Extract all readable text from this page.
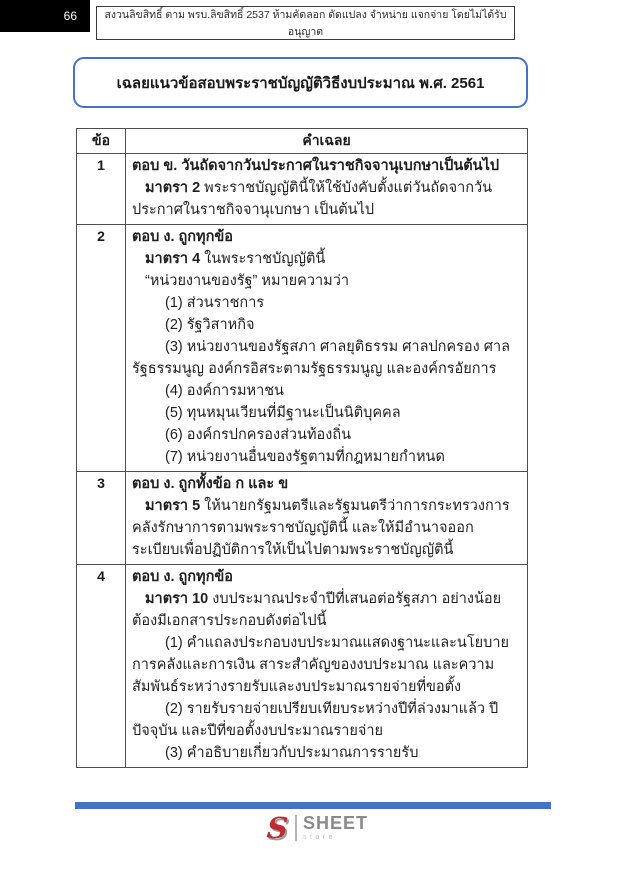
66	สงวนลิขสิทธิ์ ตาม พรบ.ลิขสิทธิ์ 2537 ห้ามคัดลอก ดัดแปลง จำหน่าย แจกจ่าย โดยไม่ได้รับอนุญาต
เฉลยแนวข้อสอบพระราชบัญญัติวิธีงบประมาณ พ.ศ. 2561
ข้อ	คำเฉลย
1	ตอบ ข. วันถัดจากวันประกาศในราชกิจจานุเบกษาเป็นต้นไป

มาตรา 2 พระราชบัญญัตินี้ให้ใช้บังคับตั้งแต่วันถัดจากวันประกาศในราชกิจจานุเบกษา เป็นต้นไป

2	ตอบ ง. ถูกทุกข้อ

มาตรา 4 ในพระราชบัญญัตินี้

“หน่วยงานของรัฐ” หมายความว่า

(1) ส่วนราชการ

(2) รัฐวิสาหกิจ

(3) หน่วยงานของรัฐสภา ศาลยุติธรรม ศาลปกครอง ศาลรัฐธรรมนูญ องค์กรอิสระตามรัฐธรรมนูญ และองค์กรอัยการ

(4) องค์การมหาชน

(5) ทุนหมุนเวียนที่มีฐานะเป็นนิติบุคคล

(6) องค์กรปกครองส่วนท้องถิ่น

(7) หน่วยงานอื่นของรัฐตามที่กฎหมายกำหนด

3	ตอบ ง. ถูกทั้งข้อ ก และ ข

มาตรา 5 ให้นายกรัฐมนตรีและรัฐมนตรีว่าการกระทรวงการคลังรักษาการตามพระราชบัญญัตินี้ และให้มีอำนาจออกระเบียบเพื่อปฏิบัติการให้เป็นไปตามพระราชบัญญัตินี้

4	ตอบ ง. ถูกทุกข้อ

มาตรา 10 งบประมาณประจำปีที่เสนอต่อรัฐสภา อย่างน้อยต้องมีเอกสารประกอบดังต่อไปนี้

(1) คำแถลงประกอบงบประมาณแสดงฐานะและนโยบายการคลังและการเงิน สาระสำคัญของงบประมาณ และความสัมพันธ์ระหว่างรายรับและงบประมาณรายจ่ายที่ขอตั้ง

(2) รายรับรายจ่ายเปรียบเทียบระหว่างปีที่ล่วงมาแล้ว ปีปัจจุบัน และปีที่ขอตั้งงบประมาณรายจ่าย

(3) คำอธิบายเกี่ยวกับประมาณการรายรับ

S SHEET
store
